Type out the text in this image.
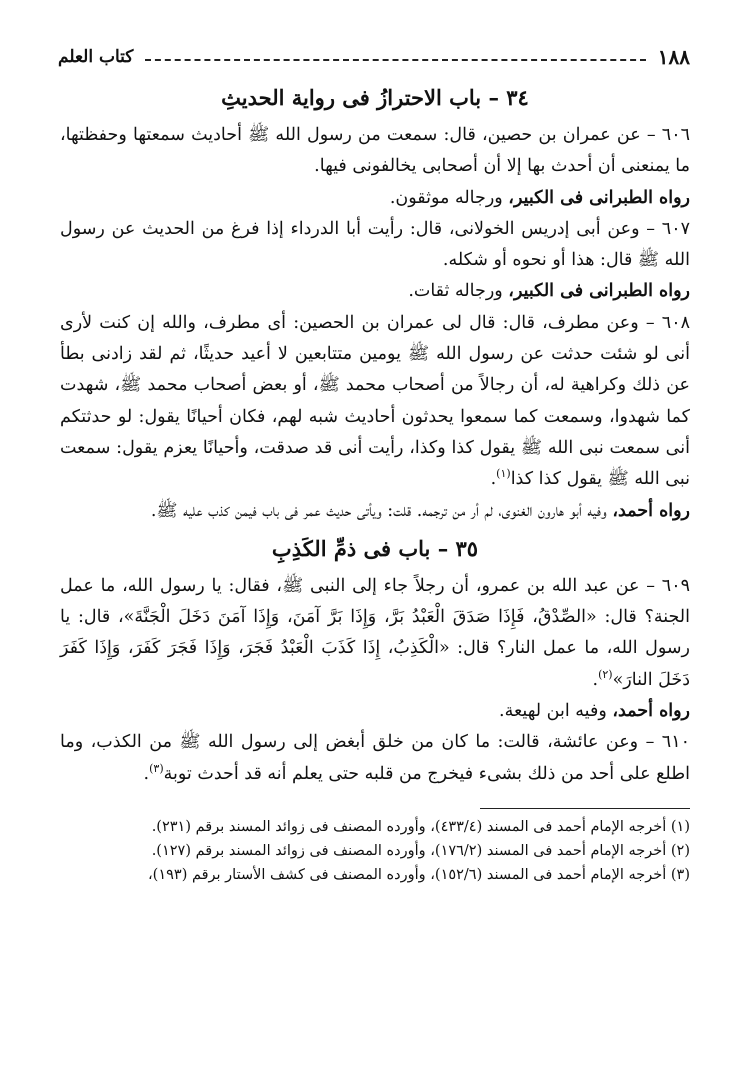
١٨٨
كتاب العلم
٣٤ – باب الاحترازُ فى رواية الحديثِ

٦٠٦ – عن عمران بن حصين، قال: سمعت من رسول الله ﷺ أحاديث سمعتها وحفظتها، ما يمنعنى أن أحدث بها إلا أن أصحابى يخالفونى فيها.

رواه الطبرانى فى الكبير، ورجاله موثقون.

٦٠٧ – وعن أبى إدريس الخولانى، قال: رأيت أبا الدرداء إذا فرغ من الحديث عن رسول الله ﷺ قال: هذا أو نحوه أو شكله.

رواه الطبرانى فى الكبير، ورجاله ثقات.

٦٠٨ – وعن مطرف، قال: قال لى عمران بن الحصين: أى مطرف، والله إن كنت لأرى أنى لو شئت حدثت عن رسول الله ﷺ يومين متتابعين لا أعيد حديثًا، ثم لقد زادنى بطأ عن ذلك وكراهية له، أن رجالاً من أصحاب محمد ﷺ، أو بعض أصحاب محمد ﷺ، شهدت كما شهدوا، وسمعت كما سمعوا يحدثون أحاديث شبه لهم، فكان أحيانًا يقول: لو حدثتكم أنى سمعت نبى الله ﷺ يقول كذا وكذا، رأيت أنى قد صدقت، وأحيانًا يعزم يقول: سمعت نبى الله ﷺ يقول كذا كذا$^{(١)}$.

رواه أحمد، وفيه أبو هارون الغنوى، لم أر من ترجمه. قلت: ويأتى حديث عمر فى باب فيمن كذب عليه ﷺ.

٣٥ – باب فى ذمِّ الكَذِبِ

٦٠٩ – عن عبد الله بن عمرو، أن رجلاً جاء إلى النبى ﷺ، فقال: يا رسول الله، ما عمل الجنة؟ قال: «الصِّدْقُ، فَإِذَا صَدَقَ الْعَبْدُ بَرَّ، وَإِذَا بَرَّ آمَنَ، وَإِذَا آمَنَ دَخَلَ الْجَنَّةَ»، قال: يا رسول الله، ما عمل النار؟ قال: «الْكَذِبُ، إِذَا كَذَبَ الْعَبْدُ فَجَرَ، وَإِذَا فَجَرَ كَفَرَ، وَإِذَا كَفَرَ دَخَلَ النارَ»$^{(٢)}$.

رواه أحمد، وفيه ابن لهيعة.

٦١٠ – وعن عائشة، قالت: ما كان من خلق أبغض إلى رسول الله ﷺ من الكذب، وما اطلع على أحد من ذلك بشىء فيخرج من قلبه حتى يعلم أنه قد أحدث توبة$^{(٣)}$.

(١) أخرجه الإمام أحمد فى المسند (٤٣٣/٤)، وأورده المصنف فى زوائد المسند برقم (٢٣١).

(٢) أخرجه الإمام أحمد فى المسند (١٧٦/٢)، وأورده المصنف فى زوائد المسند برقم (١٢٧).

(٣) أخرجه الإمام أحمد فى المسند (١٥٢/٦)، وأورده المصنف فى كشف الأستار برقم (١٩٣)،
